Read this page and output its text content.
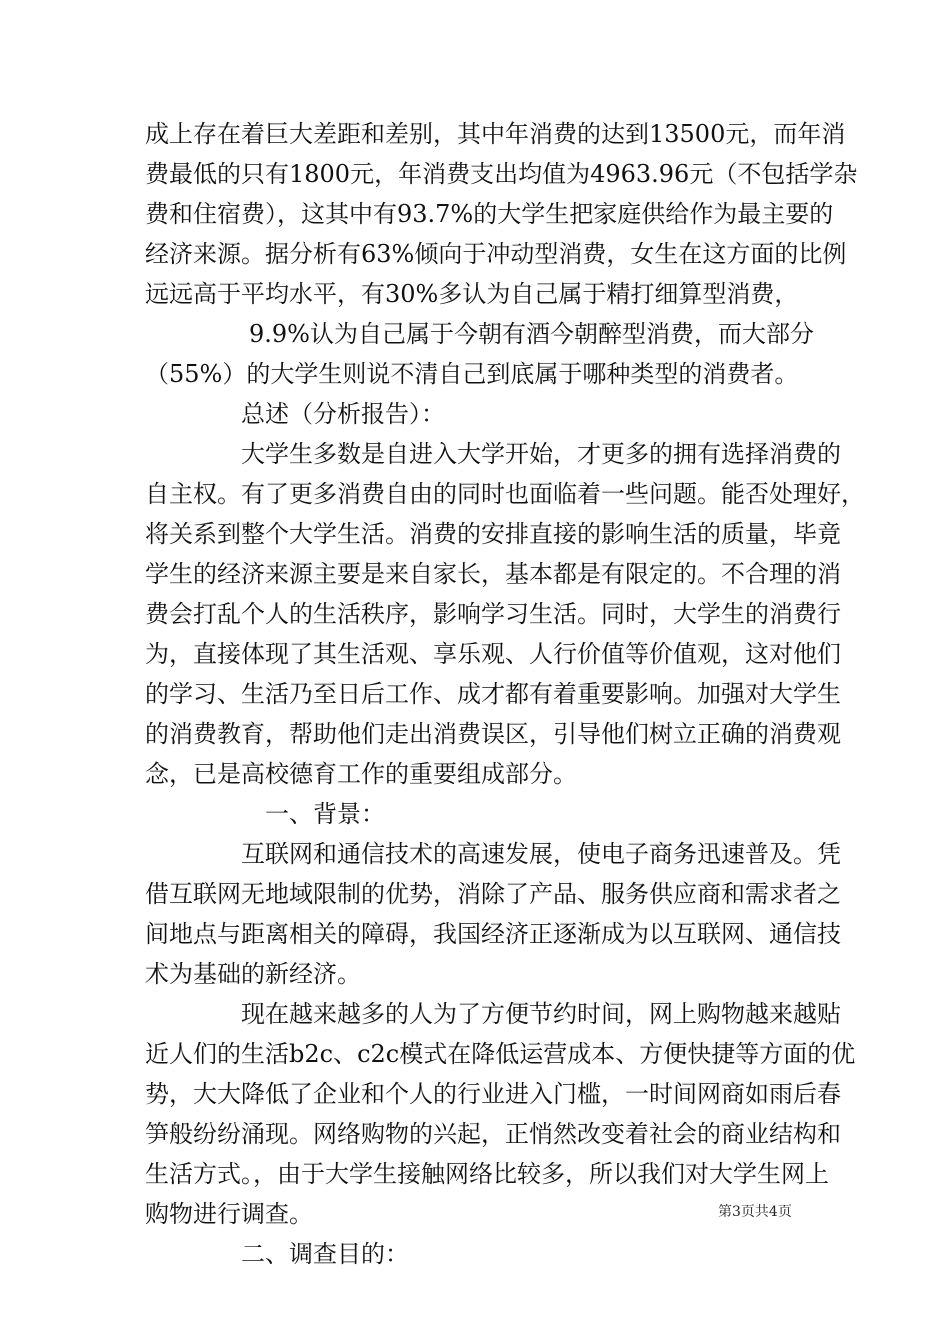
成上存在着巨大差距和差别，其中年消费的达到13500元，而年消
费最低的只有1800元，年消费支出均值为4963.96元（不包括学杂
费和住宿费），这其中有93.7%的大学生把家庭供给作为最主要的
经济来源。据分析有63%倾向于冲动型消费，女生在这方面的比例
远远高于平均水平，有30%多认为自己属于精打细算型消费，
9.9%认为自己属于今朝有酒今朝醉型消费，而大部分
（55%）的大学生则说不清自己到底属于哪种类型的消费者。
总述（分析报告）：
大学生多数是自进入大学开始，才更多的拥有选择消费的
自主权。有了更多消费自由的同时也面临着一些问题。能否处理好，
将关系到整个大学生活。消费的安排直接的影响生活的质量，毕竟
学生的经济来源主要是来自家长，基本都是有限定的。不合理的消
费会打乱个人的生活秩序，影响学习生活。同时，大学生的消费行
为，直接体现了其生活观、享乐观、人行价值等价值观，这对他们
的学习、生活乃至日后工作、成才都有着重要影响。加强对大学生
的消费教育，帮助他们走出消费误区，引导他们树立正确的消费观
念，已是高校德育工作的重要组成部分。
一、背景：
互联网和通信技术的高速发展，使电子商务迅速普及。凭
借互联网无地域限制的优势，消除了产品、服务供应商和需求者之
间地点与距离相关的障碍，我国经济正逐渐成为以互联网、通信技
术为基础的新经济。
现在越来越多的人为了方便节约时间，网上购物越来越贴
近人们的生活b2c、c2c模式在降低运营成本、方便快捷等方面的优
势，大大降低了企业和个人的行业进入门槛，一时间网商如雨后春
笋般纷纷涌现。网络购物的兴起，正悄然改变着社会的商业结构和
生活方式。，由于大学生接触网络比较多，所以我们对大学生网上
购物进行调查。
二、调查目的：
第3页共4页
